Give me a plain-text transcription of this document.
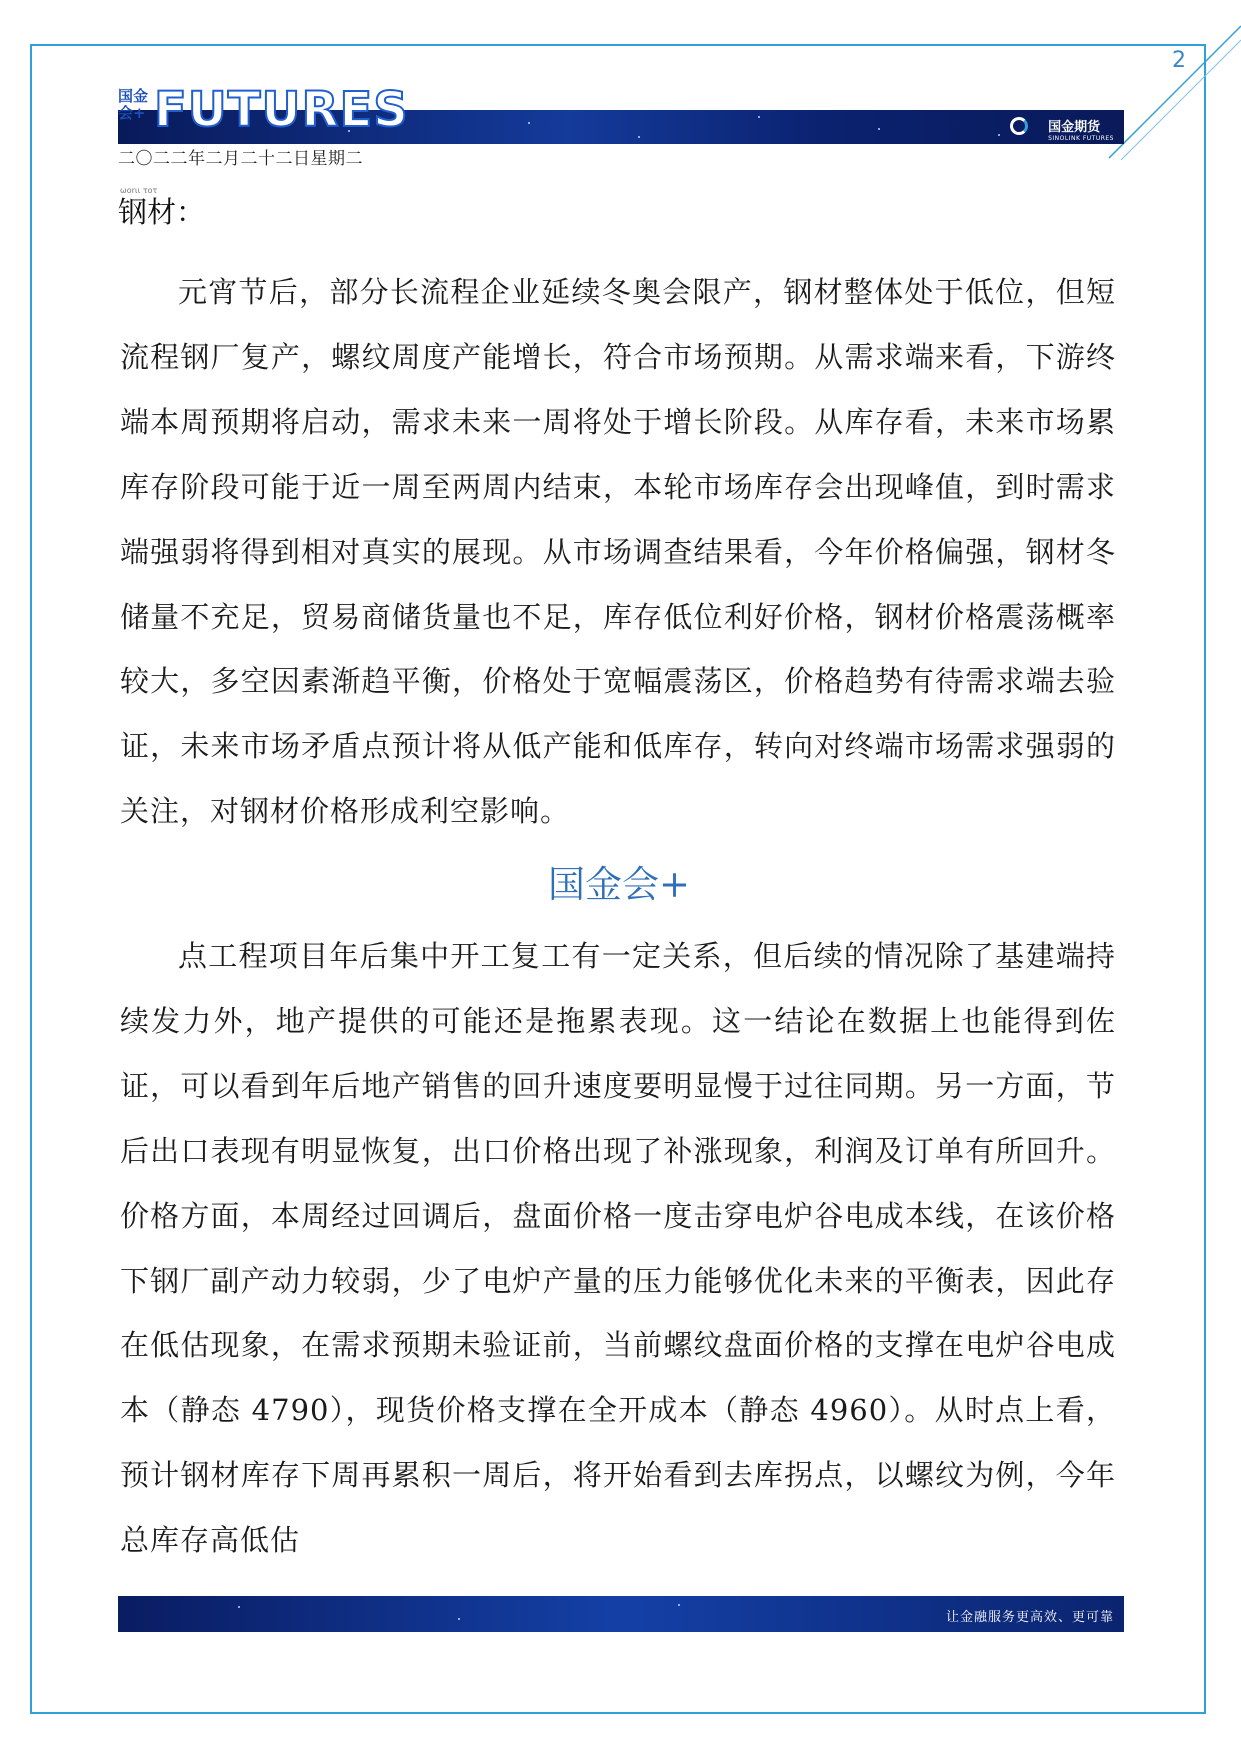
2
国金期货
SINOLINK FUTURES
国金会+ FUTURES
二〇二二年二月二十二日星期二
ωοrιι τοτ
钢材：

元宵节后，部分长流程企业延续冬奥会限产，钢材整体处于低位，但短流程钢厂复产，螺纹周度产能增长，符合市场预期。从需求端来看，下游终端本周预期将启动，需求未来一周将处于增长阶段。从库存看，未来市场累库存阶段可能于近一周至两周内结束，本轮市场库存会出现峰值，到时需求端强弱将得到相对真实的展现。从市场调查结果看，今年价格偏强，钢材冬储量不充足，贸易商储货量也不足，库存低位利好价格，钢材价格震荡概率较大，多空因素渐趋平衡，价格处于宽幅震荡区，价格趋势有待需求端去验证，未来市场矛盾点预计将从低产能和低库存，转向对终端市场需求强弱的关注，对钢材价格形成利空影响。

国金会+

点工程项目年后集中开工复工有一定关系，但后续的情况除了基建端持续发力外，地产提供的可能还是拖累表现。这一结论在数据上也能得到佐证，可以看到年后地产销售的回升速度要明显慢于过往同期。另一方面，节后出口表现有明显恢复，出口价格出现了补涨现象，利润及订单有所回升。价格方面，本周经过回调后，盘面价格一度击穿电炉谷电成本线，在该价格下钢厂副产动力较弱，少了电炉产量的压力能够优化未来的平衡表，因此存在低估现象，在需求预期未验证前，当前螺纹盘面价格的支撑在电炉谷电成本（静态 4790），现货价格支撑在全开成本（静态 4960）。从时点上看，预计钢材库存下周再累积一周后，将开始看到去库拐点，以螺纹为例，今年总库存高低估

让金融服务更高效、更可靠
